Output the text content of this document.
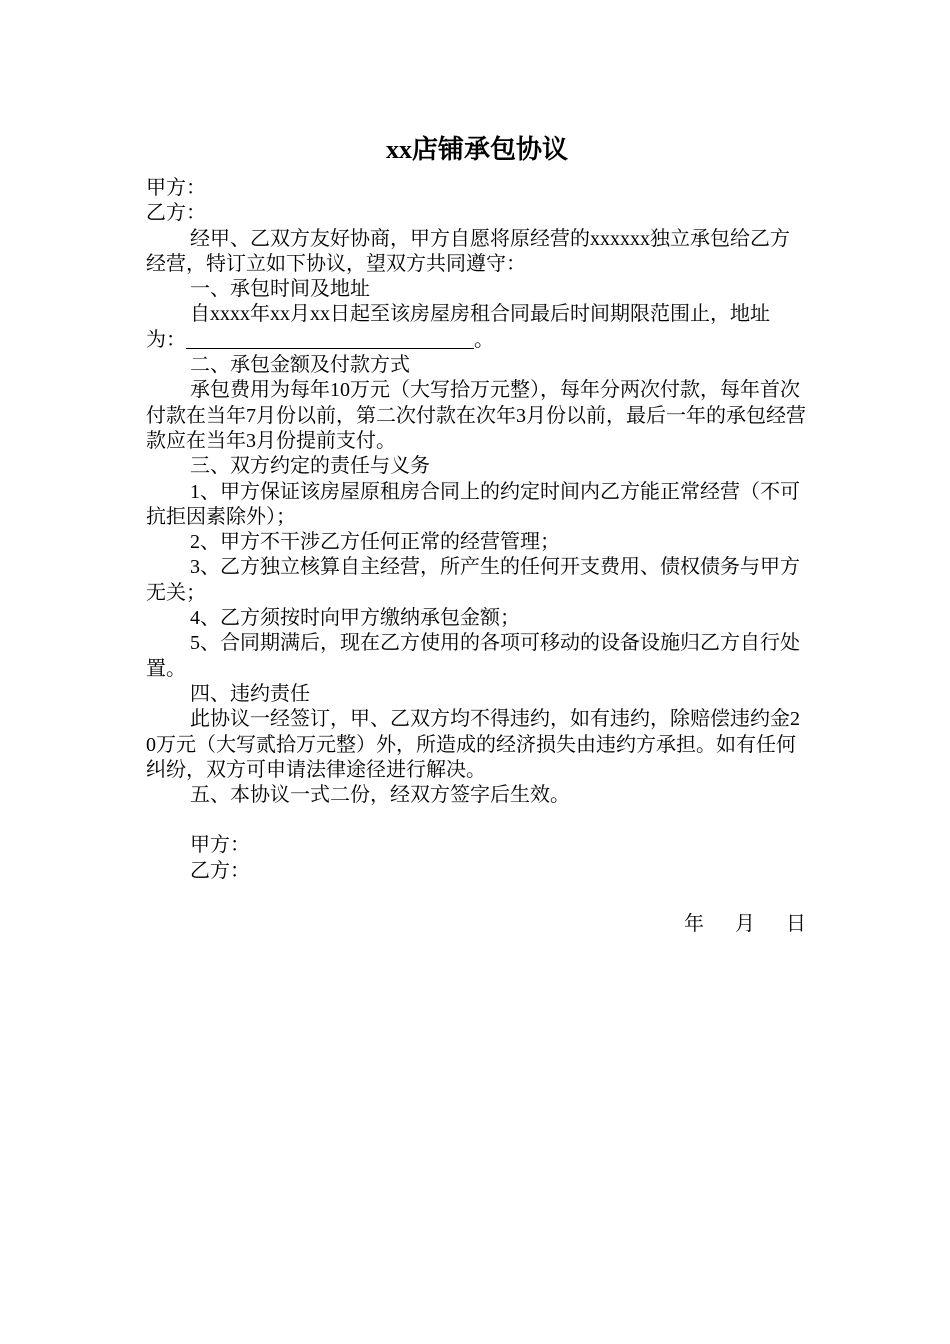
xx店铺承包协议

甲方：

乙方：

经甲、乙双方友好协商，甲方自愿将原经营的xxxxxx独立承包给乙方经营，特订立如下协议，望双方共同遵守：

一、承包时间及地址

自xxxx年xx月xx日起至该房屋房租合同最后时间期限范围止，地址为：	。

二、承包金额及付款方式

承包费用为每年10万元（大写拾万元整），每年分两次付款，每年首次付款在当年7月份以前，第二次付款在次年3月份以前，最后一年的承包经营款应在当年3月份提前支付。

三、双方约定的责任与义务

1、甲方保证该房屋原租房合同上的约定时间内乙方能正常经营（不可抗拒因素除外）；

2、甲方不干涉乙方任何正常的经营管理；

3、乙方独立核算自主经营，所产生的任何开支费用、债权债务与甲方无关；

4、乙方须按时向甲方缴纳承包金额；

5、合同期满后，现在乙方使用的各项可移动的设备设施归乙方自行处置。

四、违约责任

此协议一经签订，甲、乙双方均不得违约，如有违约，除赔偿违约金20万元（大写贰拾万元整）外，所造成的经济损失由违约方承担。如有任何纠纷，双方可申请法律途径进行解决。

五、本协议一式二份，经双方签字后生效。

甲方：

乙方：

年 月 日
